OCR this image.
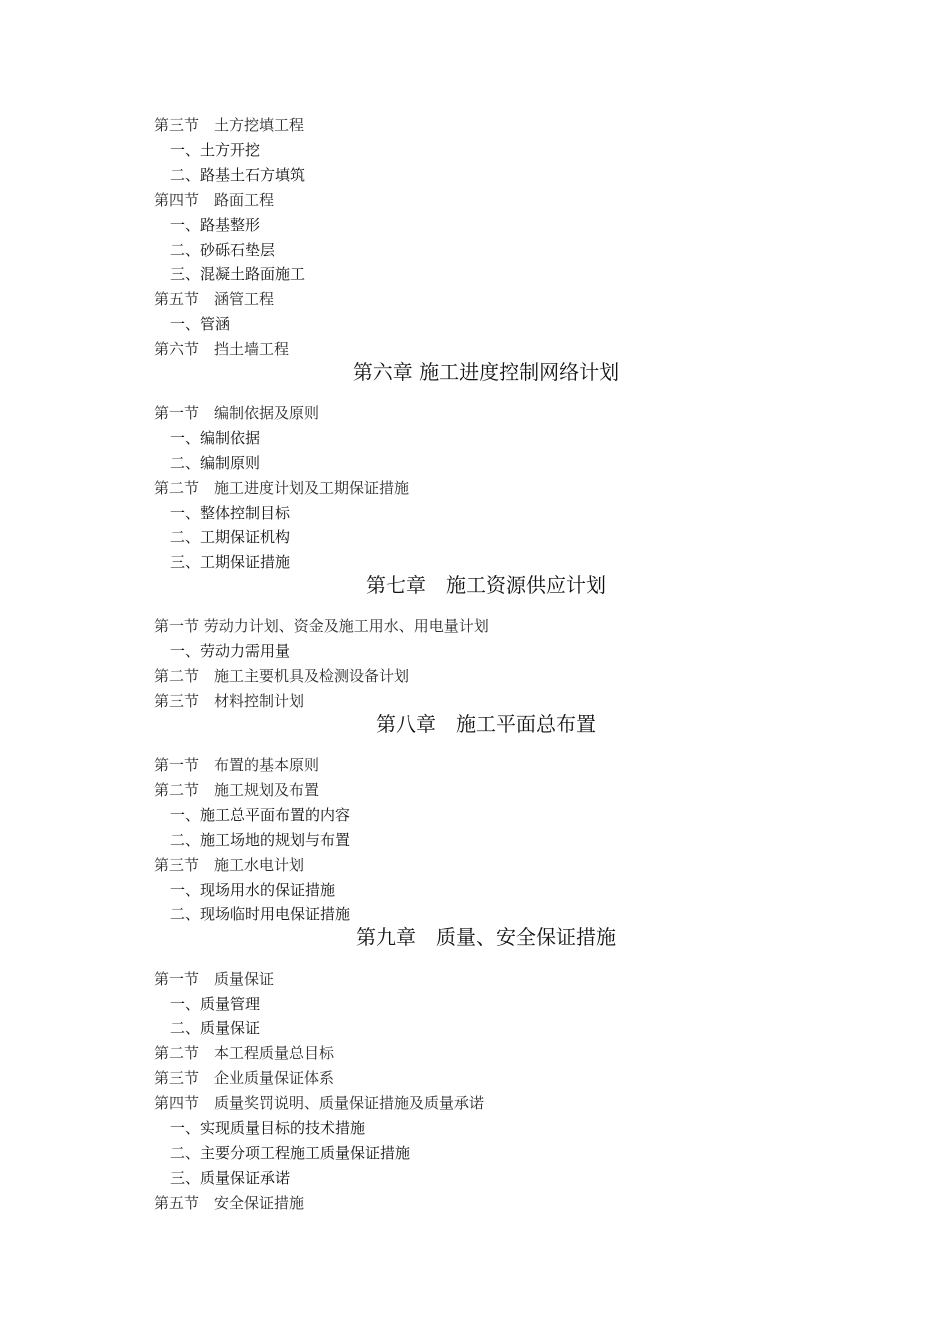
第三节　土方挖填工程
一、土方开挖
二、路基土石方填筑
第四节　路面工程
一、路基整形
二、砂砾石垫层
三、混凝土路面施工
第五节　涵管工程
一、管涵
第六节　挡土墙工程
第六章 施工进度控制网络计划
第一节　编制依据及原则
一、编制依据
二、编制原则
第二节　施工进度计划及工期保证措施
一、整体控制目标
二、工期保证机构
三、工期保证措施
第七章　施工资源供应计划
第一节 劳动力计划、资金及施工用水、用电量计划
一、劳动力需用量
第二节　施工主要机具及检测设备计划
第三节　材料控制计划
第八章　施工平面总布置
第一节　布置的基本原则
第二节　施工规划及布置
一、施工总平面布置的内容
二、施工场地的规划与布置
第三节　施工水电计划
一、现场用水的保证措施
二、现场临时用电保证措施
第九章　质量、安全保证措施
第一节　质量保证
一、质量管理
二、质量保证
第二节　本工程质量总目标
第三节　企业质量保证体系
第四节　质量奖罚说明、质量保证措施及质量承诺
一、实现质量目标的技术措施
二、主要分项工程施工质量保证措施
三、质量保证承诺
第五节　安全保证措施
